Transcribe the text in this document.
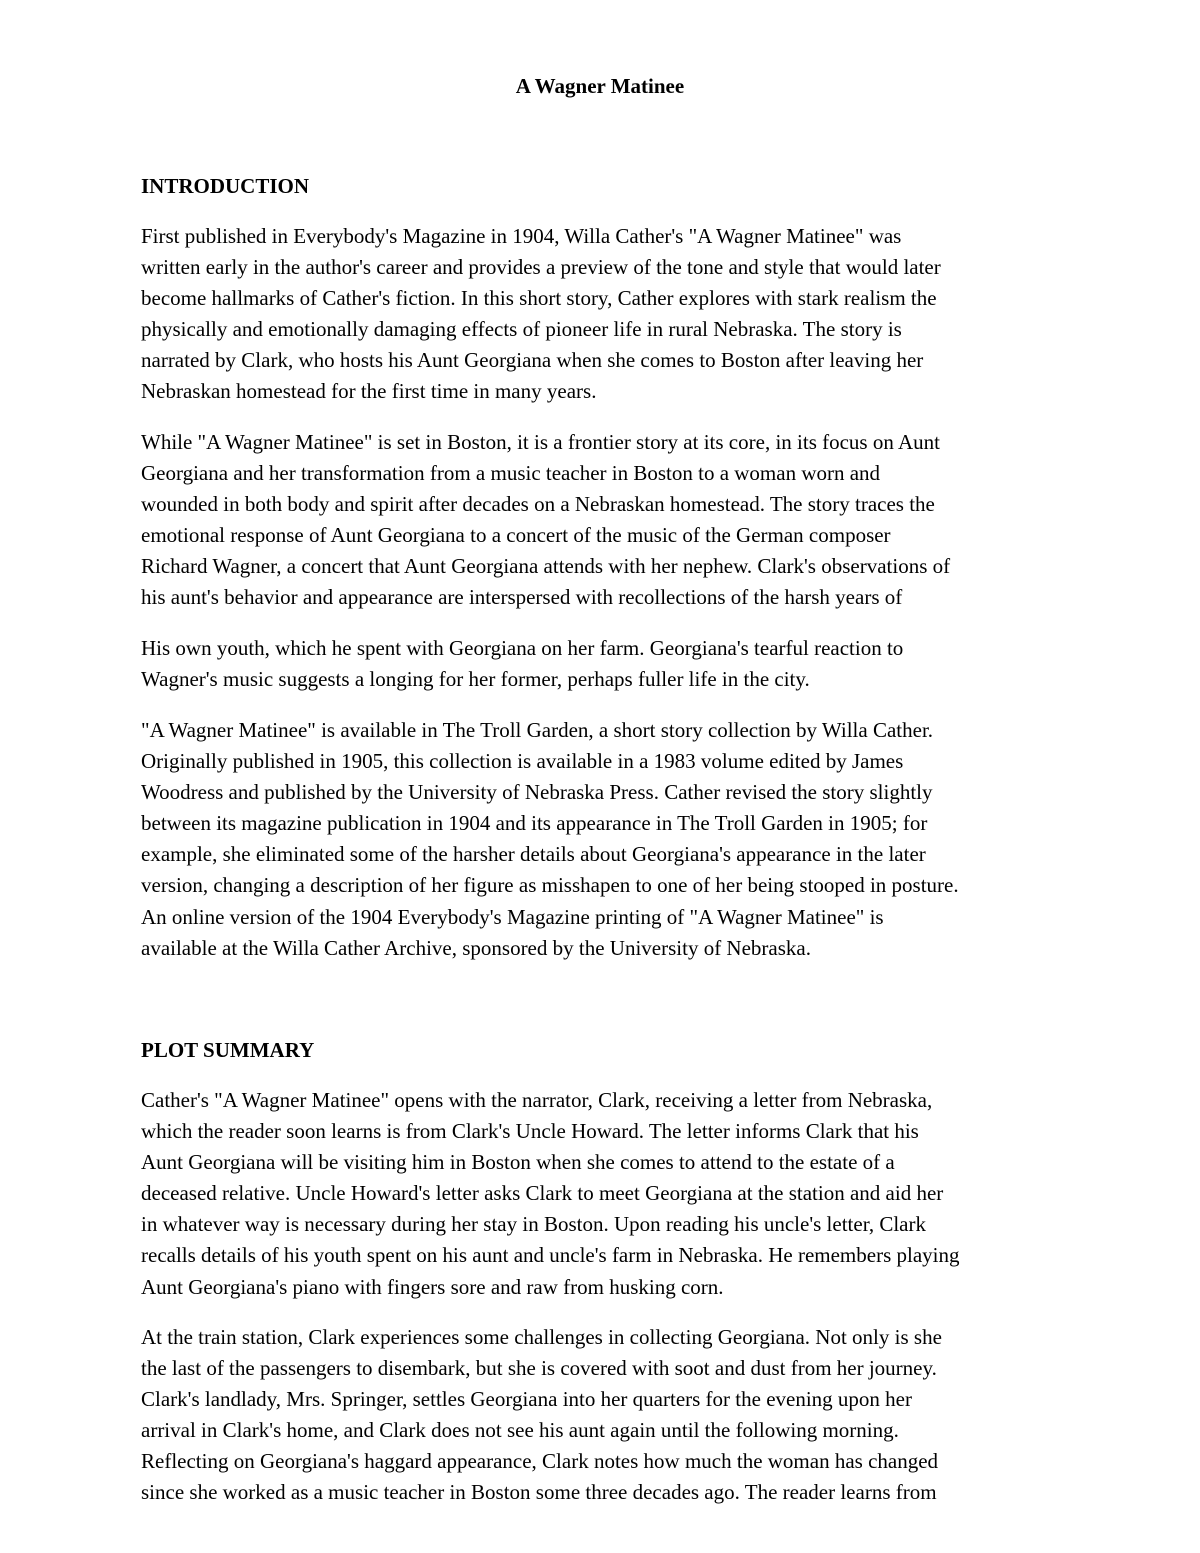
A Wagner Matinee
INTRODUCTION

First published in Everybody's Magazine in 1904, Willa Cather's "A Wagner Matinee" was
written early in the author's career and provides a preview of the tone and style that would later
become hallmarks of Cather's fiction. In this short story, Cather explores with stark realism the
physically and emotionally damaging effects of pioneer life in rural Nebraska. The story is
narrated by Clark, who hosts his Aunt Georgiana when she comes to Boston after leaving her
Nebraskan homestead for the first time in many years.

While "A Wagner Matinee" is set in Boston, it is a frontier story at its core, in its focus on Aunt
Georgiana and her transformation from a music teacher in Boston to a woman worn and
wounded in both body and spirit after decades on a Nebraskan homestead. The story traces the
emotional response of Aunt Georgiana to a concert of the music of the German composer
Richard Wagner, a concert that Aunt Georgiana attends with her nephew. Clark's observations of
his aunt's behavior and appearance are interspersed with recollections of the harsh years of

His own youth, which he spent with Georgiana on her farm. Georgiana's tearful reaction to
Wagner's music suggests a longing for her former, perhaps fuller life in the city.

"A Wagner Matinee" is available in The Troll Garden, a short story collection by Willa Cather.
Originally published in 1905, this collection is available in a 1983 volume edited by James
Woodress and published by the University of Nebraska Press. Cather revised the story slightly
between its magazine publication in 1904 and its appearance in The Troll Garden in 1905; for
example, she eliminated some of the harsher details about Georgiana's appearance in the later
version, changing a description of her figure as misshapen to one of her being stooped in posture.
An online version of the 1904 Everybody's Magazine printing of "A Wagner Matinee" is
available at the Willa Cather Archive, sponsored by the University of Nebraska.

PLOT SUMMARY

Cather's "A Wagner Matinee" opens with the narrator, Clark, receiving a letter from Nebraska,
which the reader soon learns is from Clark's Uncle Howard. The letter informs Clark that his
Aunt Georgiana will be visiting him in Boston when she comes to attend to the estate of a
deceased relative. Uncle Howard's letter asks Clark to meet Georgiana at the station and aid her
in whatever way is necessary during her stay in Boston. Upon reading his uncle's letter, Clark
recalls details of his youth spent on his aunt and uncle's farm in Nebraska. He remembers playing
Aunt Georgiana's piano with fingers sore and raw from husking corn.

At the train station, Clark experiences some challenges in collecting Georgiana. Not only is she
the last of the passengers to disembark, but she is covered with soot and dust from her journey.
Clark's landlady, Mrs. Springer, settles Georgiana into her quarters for the evening upon her
arrival in Clark's home, and Clark does not see his aunt again until the following morning.
Reflecting on Georgiana's haggard appearance, Clark notes how much the woman has changed
since she worked as a music teacher in Boston some three decades ago. The reader learns from
